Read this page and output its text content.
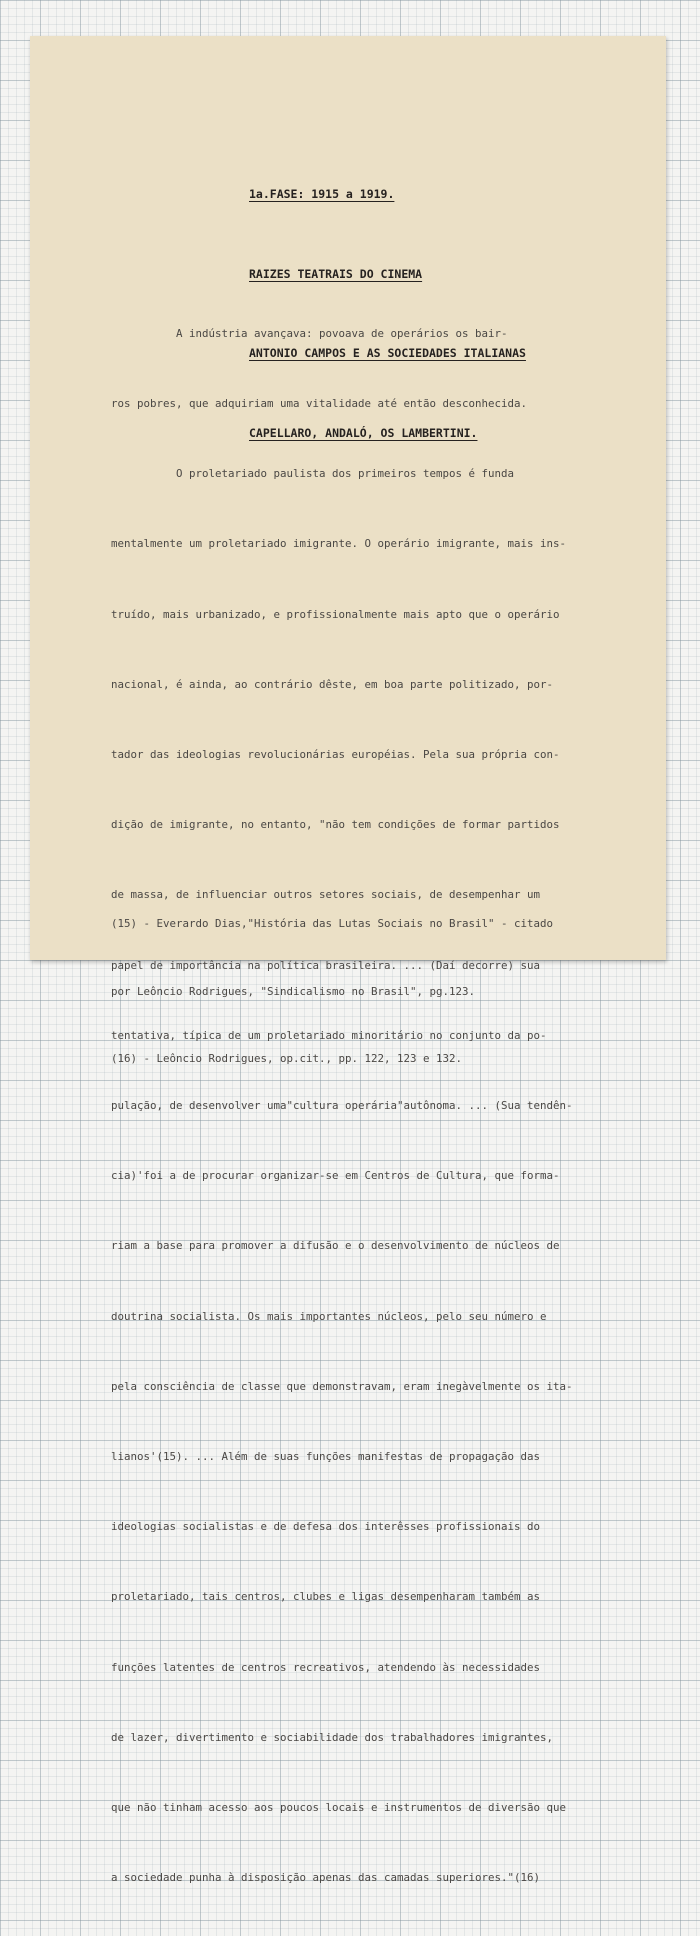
1a.FASE: 1915 a 1919.

RAIZES TEATRAIS DO CINEMA

ANTONIO CAMPOS E AS SOCIEDADES ITALIANAS

CAPELLARO, ANDALÓ, OS LAMBERTINI.

A indústria avançava: povoava de operários os bair-

ros pobres, que adquiriam uma vitalidade até então desconhecida.

O proletariado paulista dos primeiros tempos é funda

mentalmente um proletariado imigrante. O operário imigrante, mais ins-

truído, mais urbanizado, e profissionalmente mais apto que o operário

nacional, é ainda, ao contrário dêste, em boa parte politizado, por-

tador das ideologias revolucionárias européias. Pela sua própria con-

dição de imigrante, no entanto, "não tem condições de formar partidos

de massa, de influenciar outros setores sociais, de desempenhar um

papel de importância na política brasileira. ... (Daí decorre) sua

tentativa, típica de um proletariado minoritário no conjunto da po-

pulação, de desenvolver uma"cultura operária"autônoma. ... (Sua tendên-

cia)'foi a de procurar organizar-se em Centros de Cultura, que forma-

riam a base para promover a difusão e o desenvolvimento de núcleos de

doutrina socialista. Os mais importantes núcleos, pelo seu número e

pela consciência de classe que demonstravam, eram inegàvelmente os ita-

lianos'(15). ... Além de suas funções manifestas de propagação das

ideologias socialistas e de defesa dos interêsses profissionais do

proletariado, tais centros, clubes e ligas desempenharam também as

funções latentes de centros recreativos, atendendo às necessidades

de lazer, divertimento e sociabilidade dos trabalhadores imigrantes,

que não tinham acesso aos poucos locais e instrumentos de diversão que

a sociedade punha à disposição apenas das camadas superiores."(16)

(15) - Everardo Dias,"História das Lutas Sociais no Brasil" - citado

por Leôncio Rodrigues, "Sindicalismo no Brasil", pg.123.

(16) - Leôncio Rodrigues, op.cit., pp. 122, 123 e 132.
